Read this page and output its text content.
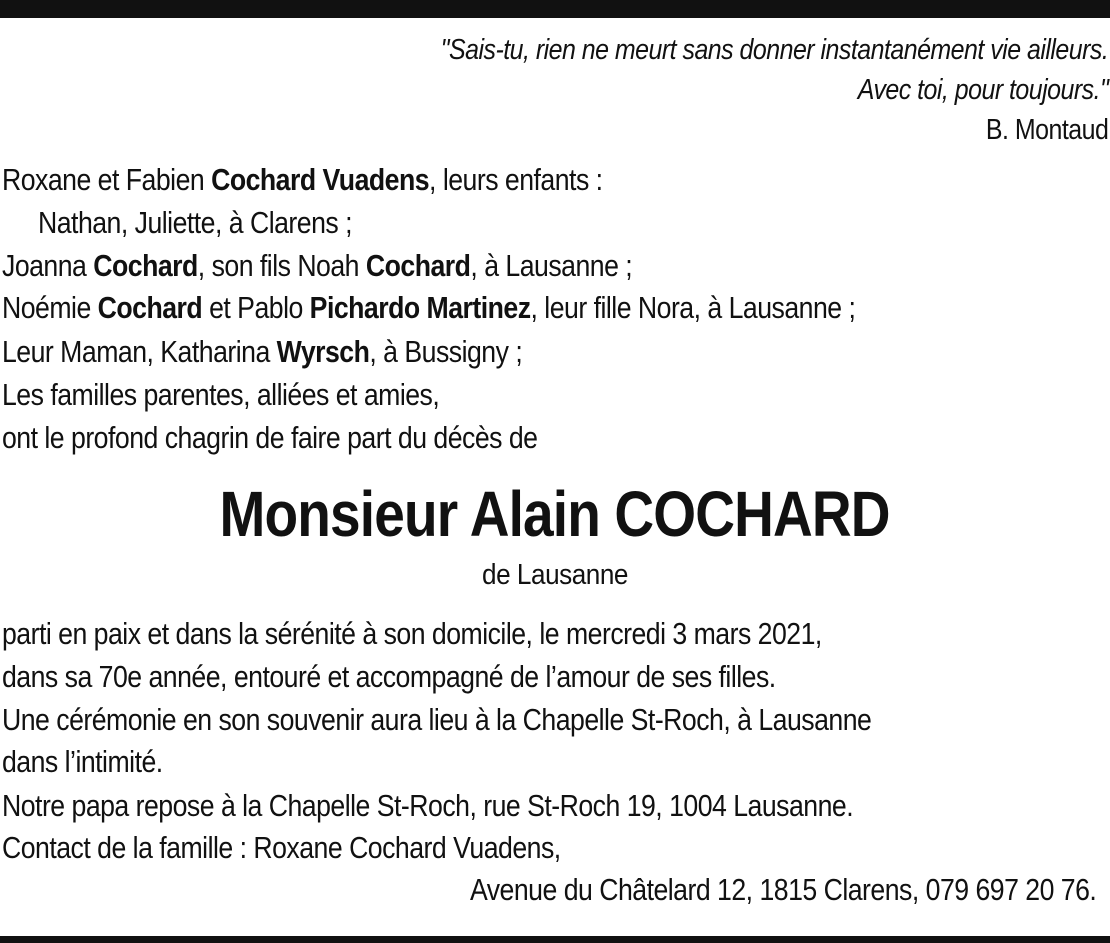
"Sais-tu, rien ne meurt sans donner instantanément vie ailleurs.
Avec toi, pour toujours."
B. Montaud
Roxane et Fabien Cochard Vuadens, leurs enfants :
Nathan, Juliette, à Clarens ;
Joanna Cochard, son fils Noah Cochard, à Lausanne ;
Noémie Cochard et Pablo Pichardo Martinez, leur fille Nora, à Lausanne ;
Leur Maman, Katharina Wyrsch, à Bussigny ;
Les familles parentes, alliées et amies,
ont le profond chagrin de faire part du décès de
Monsieur Alain COCHARD
de Lausanne
parti en paix et dans la sérénité à son domicile, le mercredi 3 mars 2021,
dans sa 70e année, entouré et accompagné de l’amour de ses filles.
Une cérémonie en son souvenir aura lieu à la Chapelle St-Roch, à Lausanne
dans l’intimité.
Notre papa repose à la Chapelle St-Roch, rue St-Roch 19, 1004 Lausanne.
Contact de la famille : Roxane Cochard Vuadens,
Avenue du Châtelard 12, 1815 Clarens, 079 697 20 76.
